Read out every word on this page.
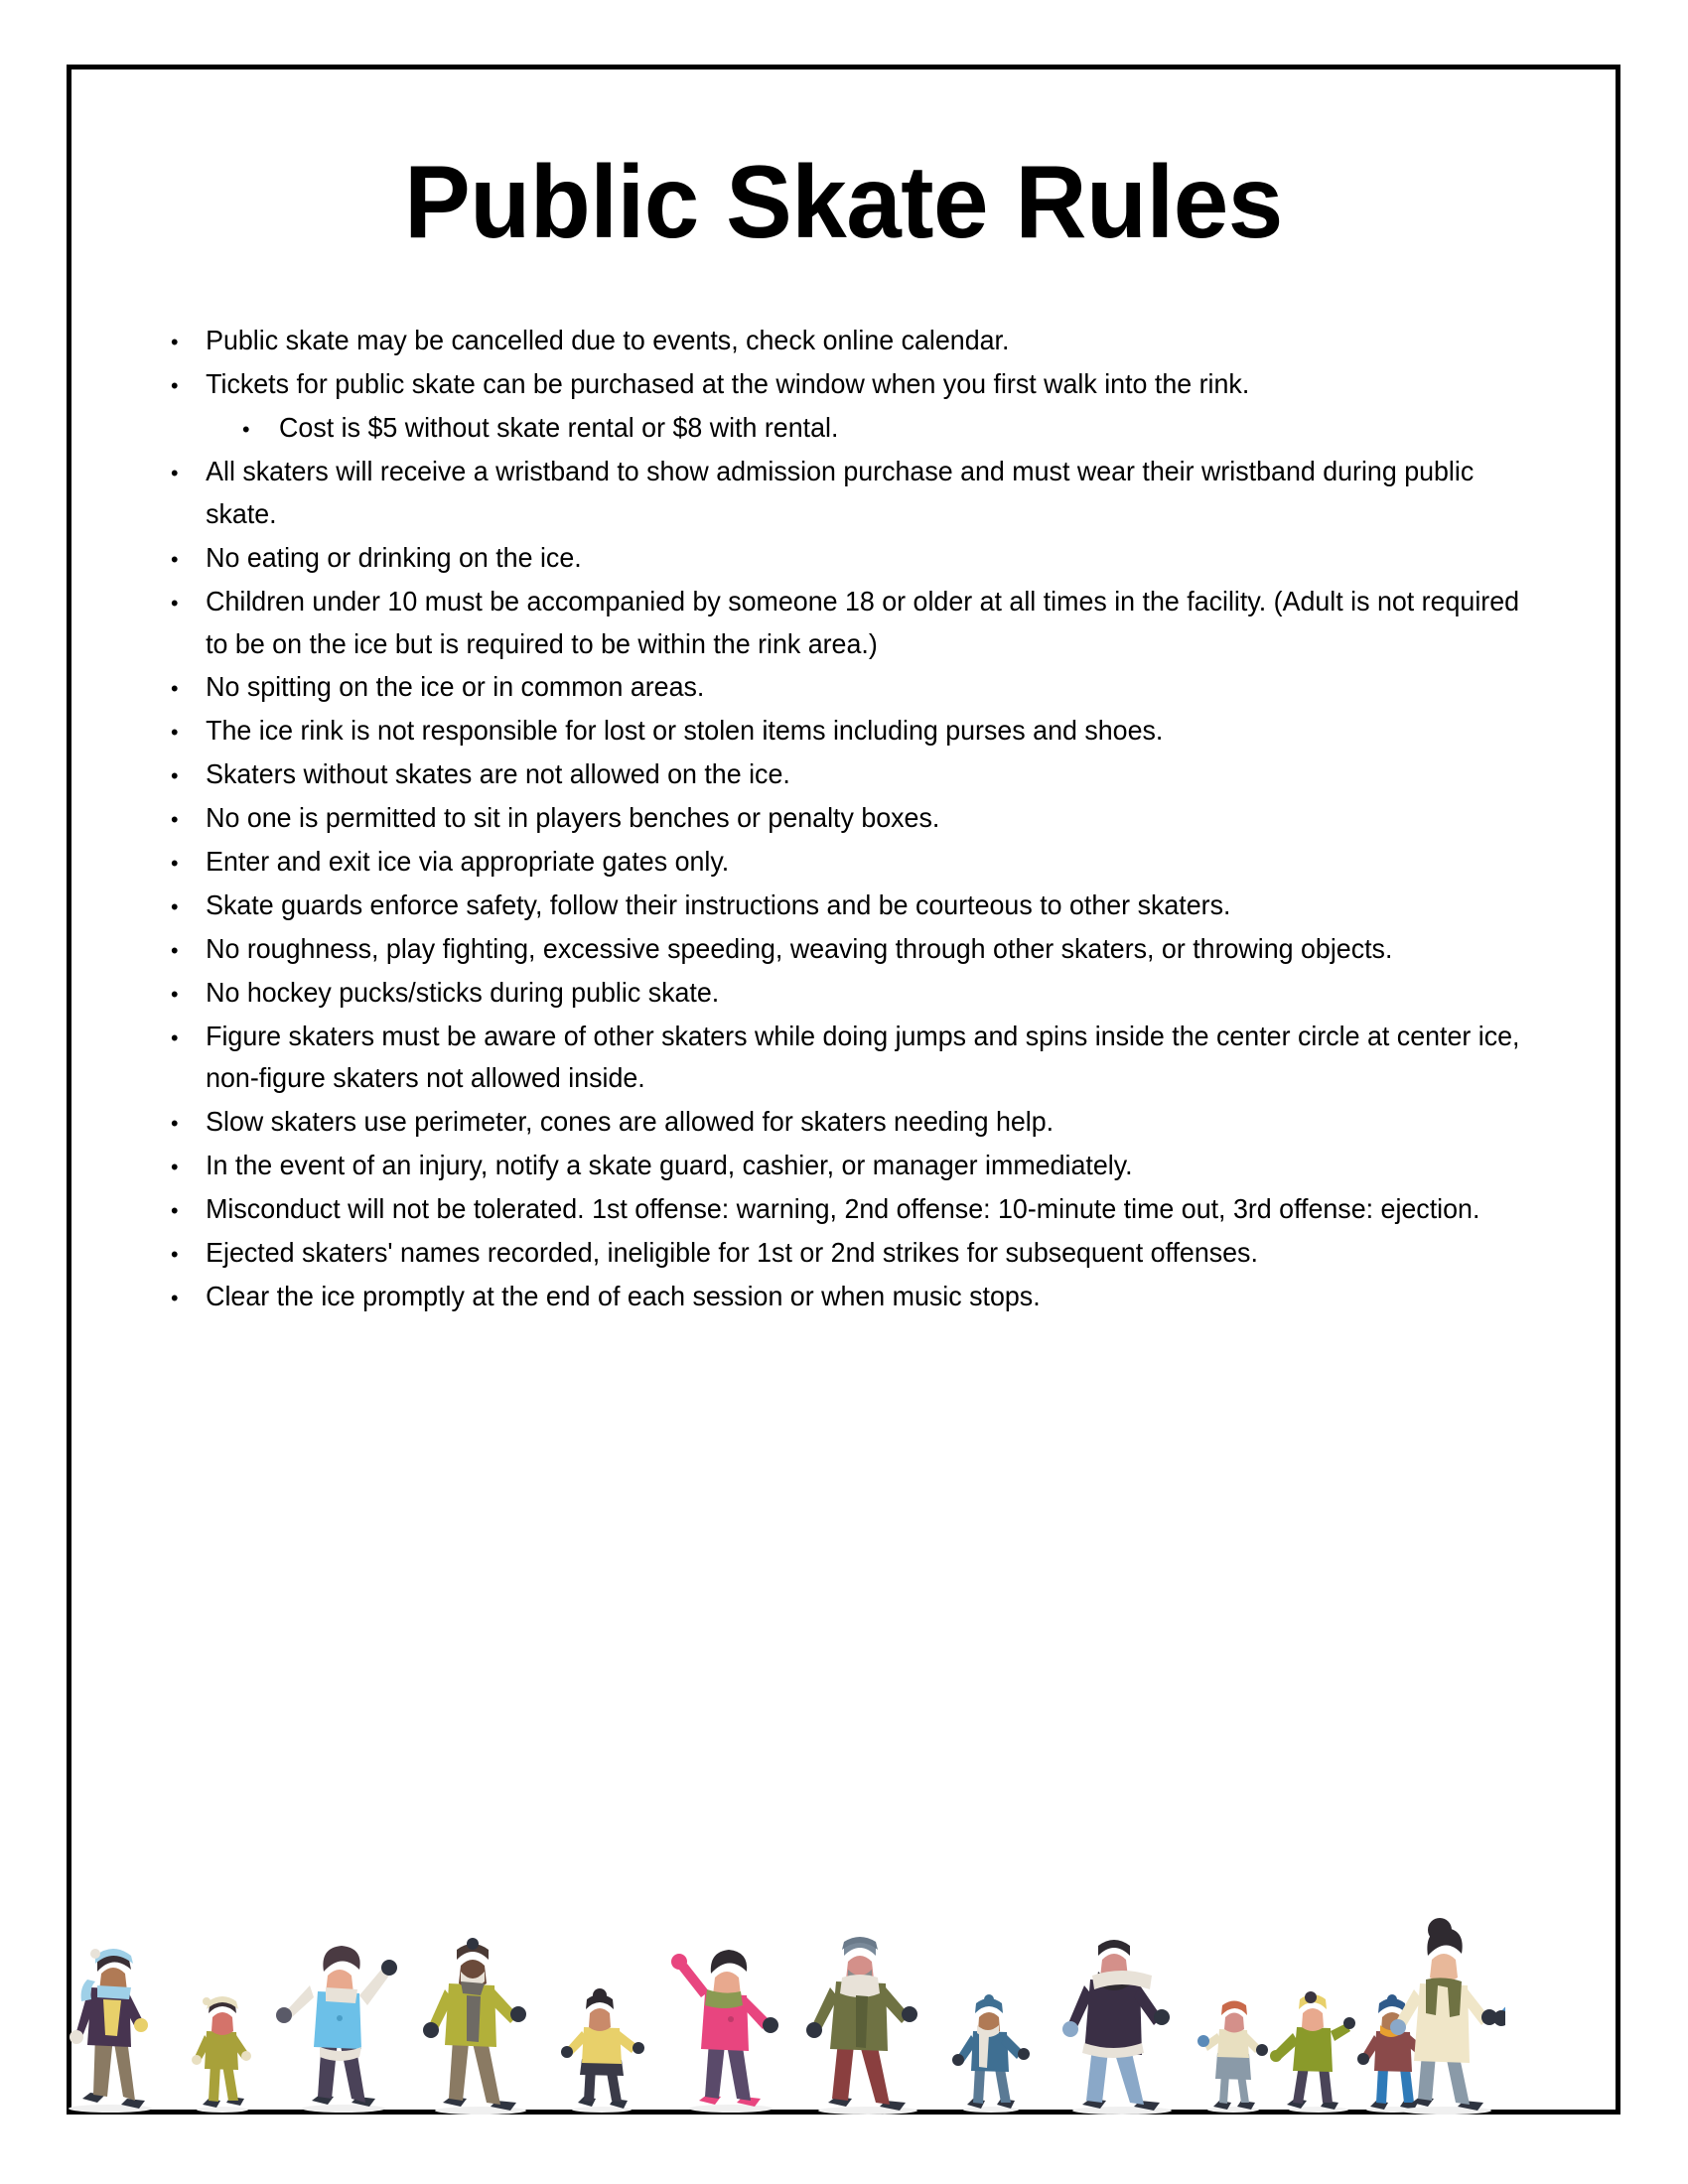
Public Skate Rules
•
Public skate may be cancelled due to events, check online calendar.
•
Tickets for public skate can be purchased at the window when you first walk into the rink.
•
Cost is $5 without skate rental or $8 with rental.
•
All skaters will receive a wristband to show admission purchase and must wear their wristband during public skate.
•
No eating or drinking on the ice.
•
Children under 10 must be accompanied by someone 18 or older at all times in the facility. (Adult is not required to be on the ice but is required to be within the rink area.)
•
No spitting on the ice or in common areas.
•
The ice rink is not responsible for lost or stolen items including purses and shoes.
•
Skaters without skates are not allowed on the ice.
•
No one is permitted to sit in players benches or penalty boxes.
•
Enter and exit ice via appropriate gates only.
•
Skate guards enforce safety, follow their instructions and be courteous to other skaters.
•
No roughness, play fighting, excessive speeding, weaving through other skaters, or throwing objects.
•
No hockey pucks/sticks during public skate.
•
Figure skaters must be aware of other skaters while doing jumps and spins inside the center circle at center ice, non-figure skaters not allowed inside.
•
Slow skaters use perimeter, cones are allowed for skaters needing help.
•
In the event of an injury, notify a skate guard, cashier, or manager immediately.
•
Misconduct will not be tolerated. 1st offense: warning, 2nd offense: 10-minute time out, 3rd offense: ejection.
•
Ejected skaters' names recorded, ineligible for 1st or 2nd strikes for subsequent offenses.
•
Clear the ice promptly at the end of each session or when music stops.
